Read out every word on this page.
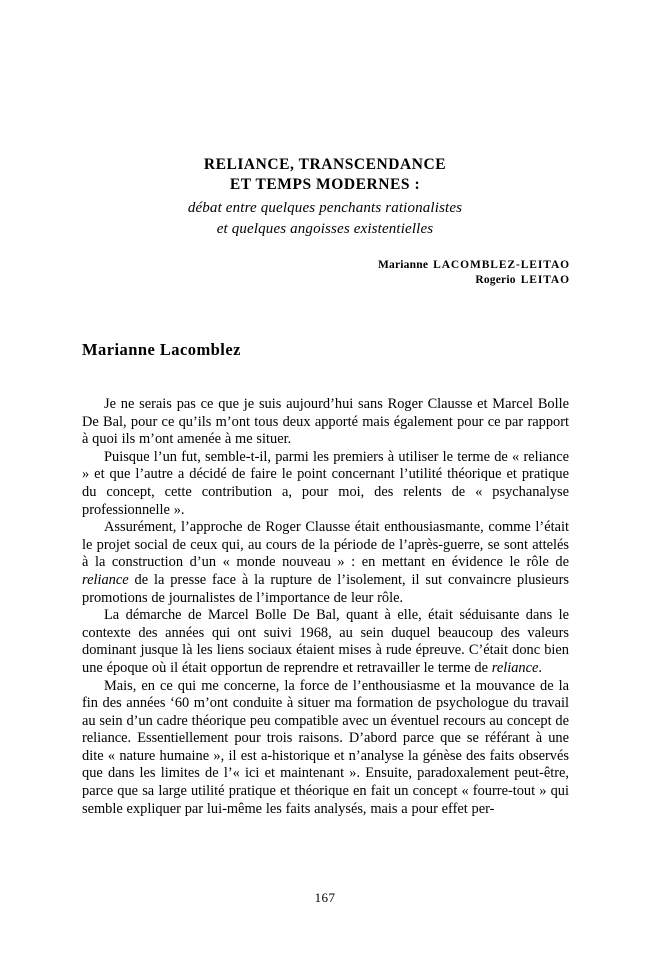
RELIANCE, TRANSCENDANCE
ET TEMPS MODERNES :
débat entre quelques penchants rationalistes
et quelques angoisses existentielles
Marianne LACOMBLEZ-LEITAO
Rogerio LEITAO
Marianne Lacomblez

Je ne serais pas ce que je suis aujourd’hui sans Roger Clausse et Marcel Bolle De Bal, pour ce qu’ils m’ont tous deux apporté mais également pour ce par rapport à quoi ils m’ont amenée à me situer.

Puisque l’un fut, semble-t-il, parmi les premiers à utiliser le terme de « reliance » et que l’autre a décidé de faire le point concernant l’utilité théorique et pratique du concept, cette contribution a, pour moi, des relents de « psychanalyse professionnelle ».

Assurément, l’approche de Roger Clausse était enthousiasmante, comme l’était le projet social de ceux qui, au cours de la période de l’après-guerre, se sont attelés à la construction d’un « monde nouveau » : en mettant en évidence le rôle de reliance de la presse face à la rupture de l’isolement, il sut convaincre plusieurs promotions de journalistes de l’importance de leur rôle.

La démarche de Marcel Bolle De Bal, quant à elle, était séduisante dans le contexte des années qui ont suivi 1968, au sein duquel beaucoup des valeurs dominant jusque là les liens sociaux étaient mises à rude épreuve. C’était donc bien une époque où il était opportun de reprendre et retravailler le terme de reliance.

Mais, en ce qui me concerne, la force de l’enthousiasme et la mouvance de la fin des années ‘60 m’ont conduite à situer ma formation de psychologue du travail au sein d’un cadre théorique peu compatible avec un éventuel recours au concept de reliance. Essentiellement pour trois raisons. D’abord parce que se référant à une dite « nature humaine », il est a-historique et n’analyse la génèse des faits observés que dans les limites de l’« ici et maintenant ». Ensuite, paradoxalement peut-être, parce que sa large utilité pratique et théorique en fait un concept « fourre-tout » qui semble expliquer par lui-même les faits analysés, mais a pour effet per-

167
